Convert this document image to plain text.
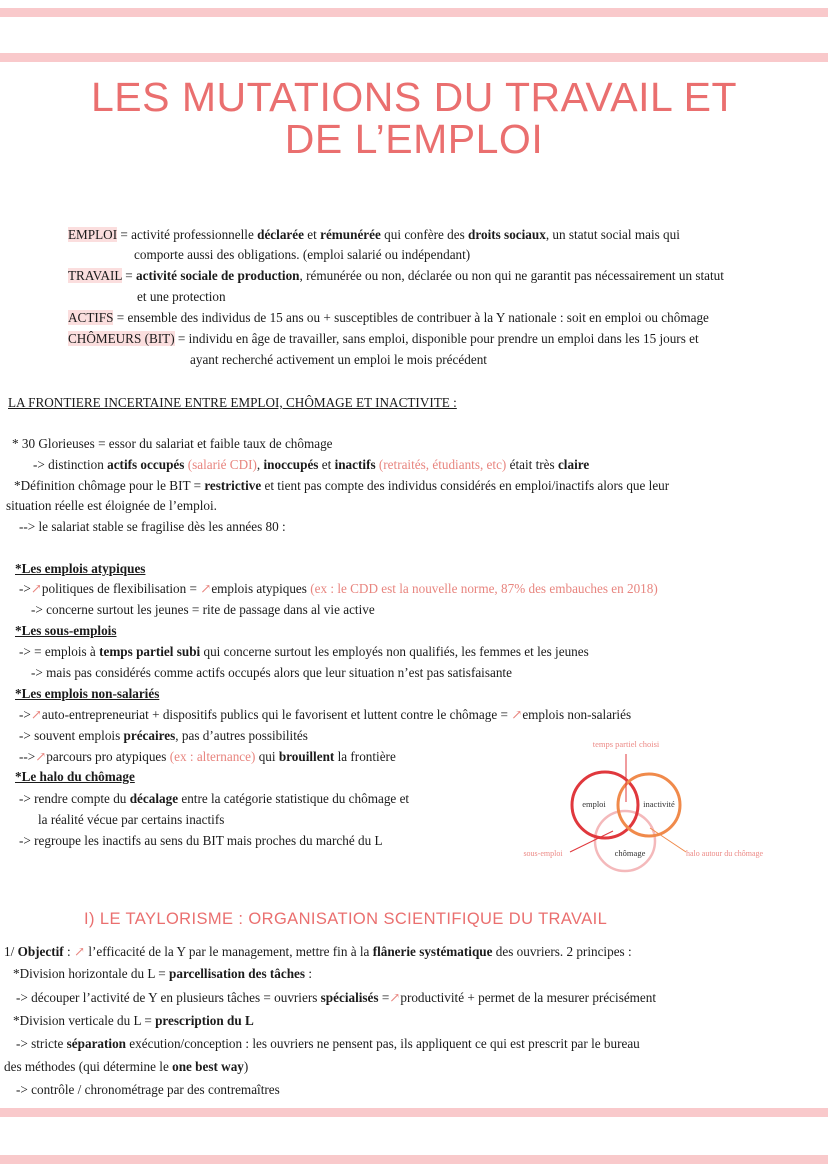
LES MUTATIONS DU TRAVAIL ET
DE L’EMPLOI
EMPLOI = activité professionnelle déclarée et rémunérée qui confère des droits sociaux, un statut social mais qui
comporte aussi des obligations. (emploi salarié ou indépendant)
TRAVAIL = activité sociale de production, rémunérée ou non, déclarée ou non qui ne garantit pas nécessairement un statut
et une protection
ACTIFS = ensemble des individus de 15 ans ou + susceptibles de contribuer à la Y nationale : soit en emploi ou chômage
CHÔMEURS (BIT) = individu en âge de travailler, sans emploi, disponible pour prendre un emploi dans les 15 jours et
ayant recherché activement un emploi le mois précédent
LA FRONTIERE INCERTAINE ENTRE EMPLOI, CHÔMAGE ET INACTIVITE :
* 30 Glorieuses = essor du salariat et faible taux de chômage
-> distinction actifs occupés (salarié CDI), inoccupés et inactifs (retraités, étudiants, etc) était très claire
*Définition chômage pour le BIT = restrictive et tient pas compte des individus considérés en emploi/inactifs alors que leur
situation réelle est éloignée de l’emploi.
--> le salariat stable se fragilise dès les années 80 :
*Les emplois atypiques
->↗politiques de flexibilisation = ↗emplois atypiques (ex : le CDD est la nouvelle norme, 87% des embauches en 2018)
-> concerne surtout les jeunes = rite de passage dans al vie active
*Les sous-emplois
-> = emplois à temps partiel subi qui concerne surtout les employés non qualifiés, les femmes et les jeunes
-> mais pas considérés comme actifs occupés alors que leur situation n’est pas satisfaisante
*Les emplois non-salariés
->↗auto-entrepreneuriat + dispositifs publics qui le favorisent et luttent contre le chômage = ↗emplois non-salariés
-> souvent emplois précaires, pas d’autres possibilités
-->↗parcours pro atypiques (ex : alternance) qui brouillent la frontière
*Le halo du chômage
-> rendre compte du décalage entre la catégorie statistique du chômage et
la réalité vécue par certains inactifs
-> regroupe les inactifs au sens du BIT mais proches du marché du L
temps partiel choisi
emploi	inactivité
chômage
sous-emploi	halo autour du chômage
I) LE TAYLORISME : ORGANISATION SCIENTIFIQUE DU TRAVAIL
1/ Objectif : ↗ l’efficacité de la Y par le management, mettre fin à la flânerie systématique des ouvriers. 2 principes :
*Division horizontale du L = parcellisation des tâches :
-> découper l’activité de Y en plusieurs tâches = ouvriers spécialisés =↗productivité + permet de la mesurer précisément
*Division verticale du L = prescription du L
-> stricte séparation exécution/conception : les ouvriers ne pensent pas, ils appliquent ce qui est prescrit par le bureau
des méthodes (qui détermine le one best way)
-> contrôle / chronométrage par des contremaîtres
